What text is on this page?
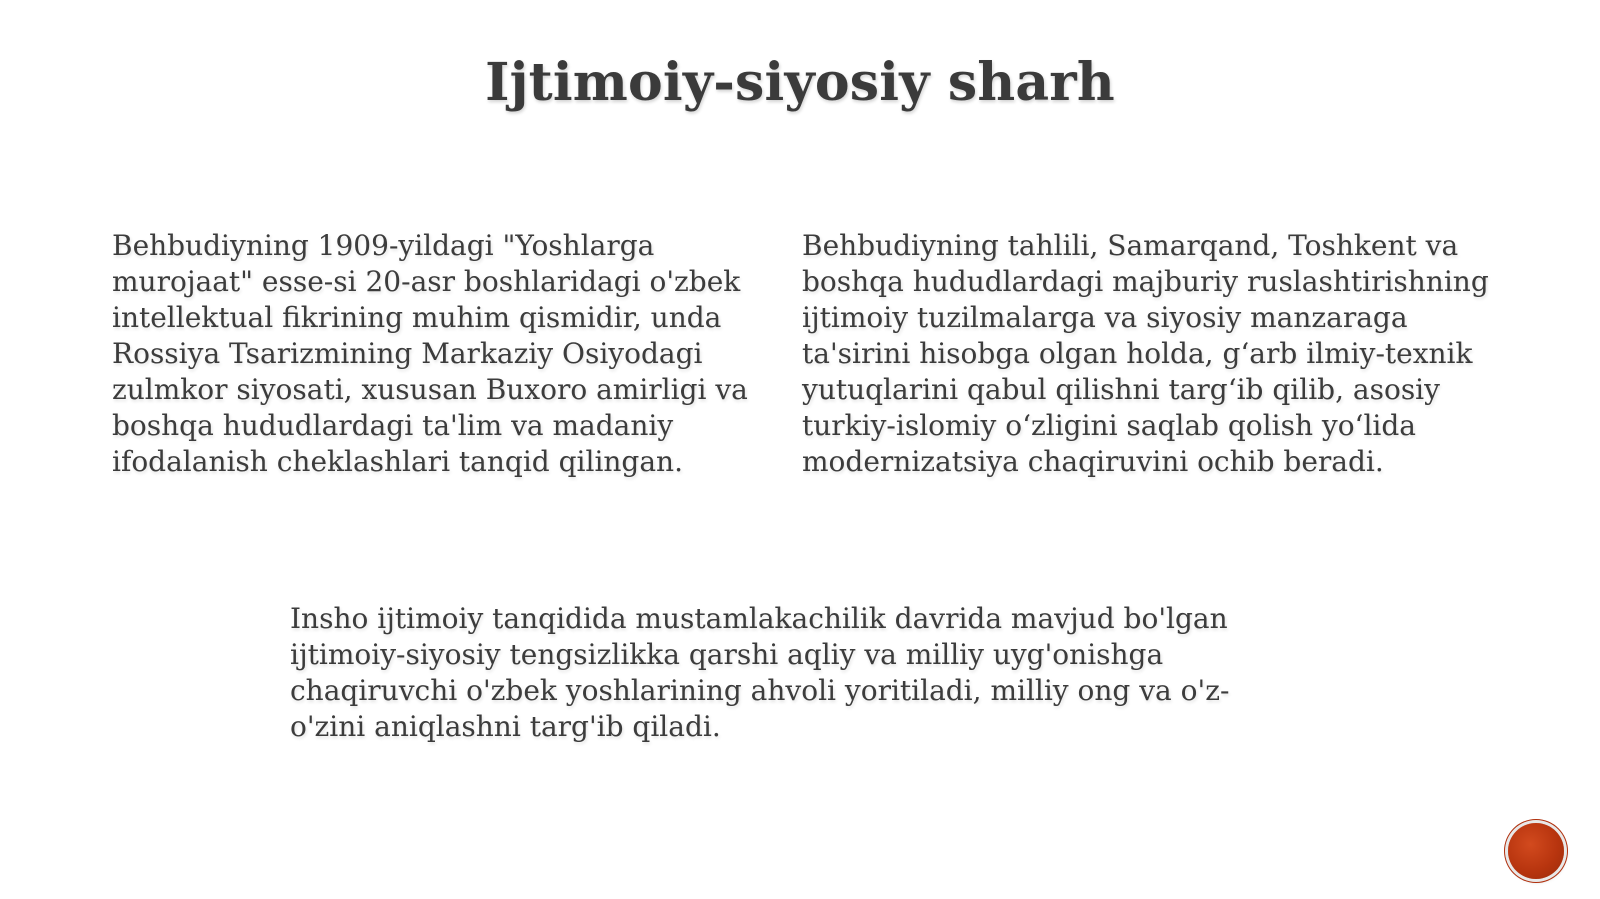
Ijtimoiy-siyosiy sharh

Behbudiyning 1909-yildagi "Yoshlarga murojaat" esse-si 20-asr boshlaridagi o'zbek intellektual fikrining muhim qismidir, unda Rossiya Tsarizmining Markaziy Osiyodagi zulmkor siyosati, xususan Buxoro amirligi va boshqa hududlardagi ta'lim va madaniy ifodalanish cheklashlari tanqid qilingan.

Behbudiyning tahlili, Samarqand, Toshkent va boshqa hududlardagi majburiy ruslashtirishning ijtimoiy tuzilmalarga va siyosiy manzaraga ta'sirini hisobga olgan holda, g‘arb ilmiy-texnik yutuqlarini qabul qilishni targ‘ib qilib, asosiy turkiy-islomiy o‘zligini saqlab qolish yo‘lida modernizatsiya chaqiruvini ochib beradi.

Insho ijtimoiy tanqidida mustamlakachilik davrida mavjud bo'lgan ijtimoiy-siyosiy tengsizlikka qarshi aqliy va milliy uyg'onishga chaqiruvchi o'zbek yoshlarining ahvoli yoritiladi, milliy ong va o'z-o'zini aniqlashni targ'ib qiladi.
